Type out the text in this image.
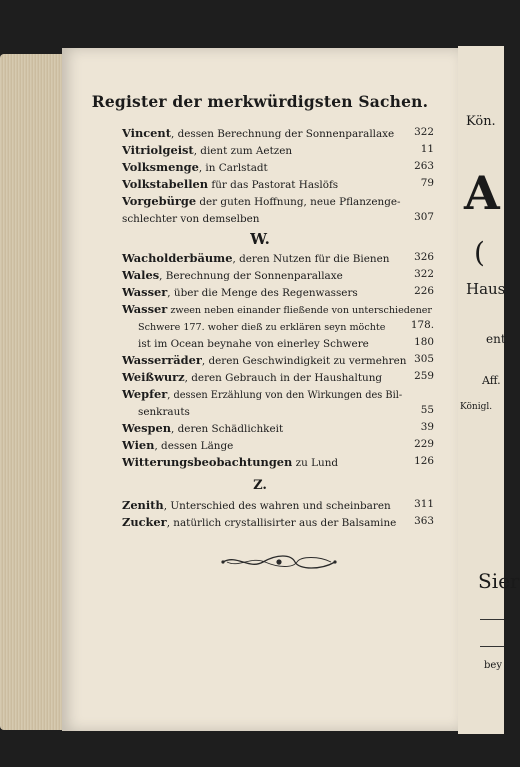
Register der merkwürdigsten Sachen.
Vincent, dessen Berechnung der Sonnenparallaxe 322
Vitriolgeist, dient zum Aetzen	11
Volksmenge, in Carlstadt	263
Volkstabellen für das Pastorat Haslöfs	79
Vorgebürge der guten Hoffnung, neue Pflanzenge-
schlechter von demselben	307
W.
Wacholderbäume, deren Nutzen für die Bienen 326
Wales, Berechnung der Sonnenparallaxe	322
Wasser, über die Menge des Regenwassers	226
Wasser zween neben einander fließende von unterschiedener
Schwere 177. woher dieß zu erklären seyn möchte 178.
ist im Ocean beynahe von einerley Schwere	180
Wasserräder, deren Geschwindigkeit zu vermehren 305
Weißwurz, deren Gebrauch in der Haushaltung	259
Wepfer, dessen Erzählung von den Wirkungen des Bil-
senkrauts	55
Wespen, deren Schädlichkeit	39
Wien, dessen Länge	229
Witterungsbeobachtungen zu Lund	126
Z.
Zenith, Unterschied des wahren und scheinbaren 311
Zucker, natürlich crystallisirter aus der Balsamine 363
Kön.
A
(
Haus
ent
Aff.
Königl.
Sier
bey
